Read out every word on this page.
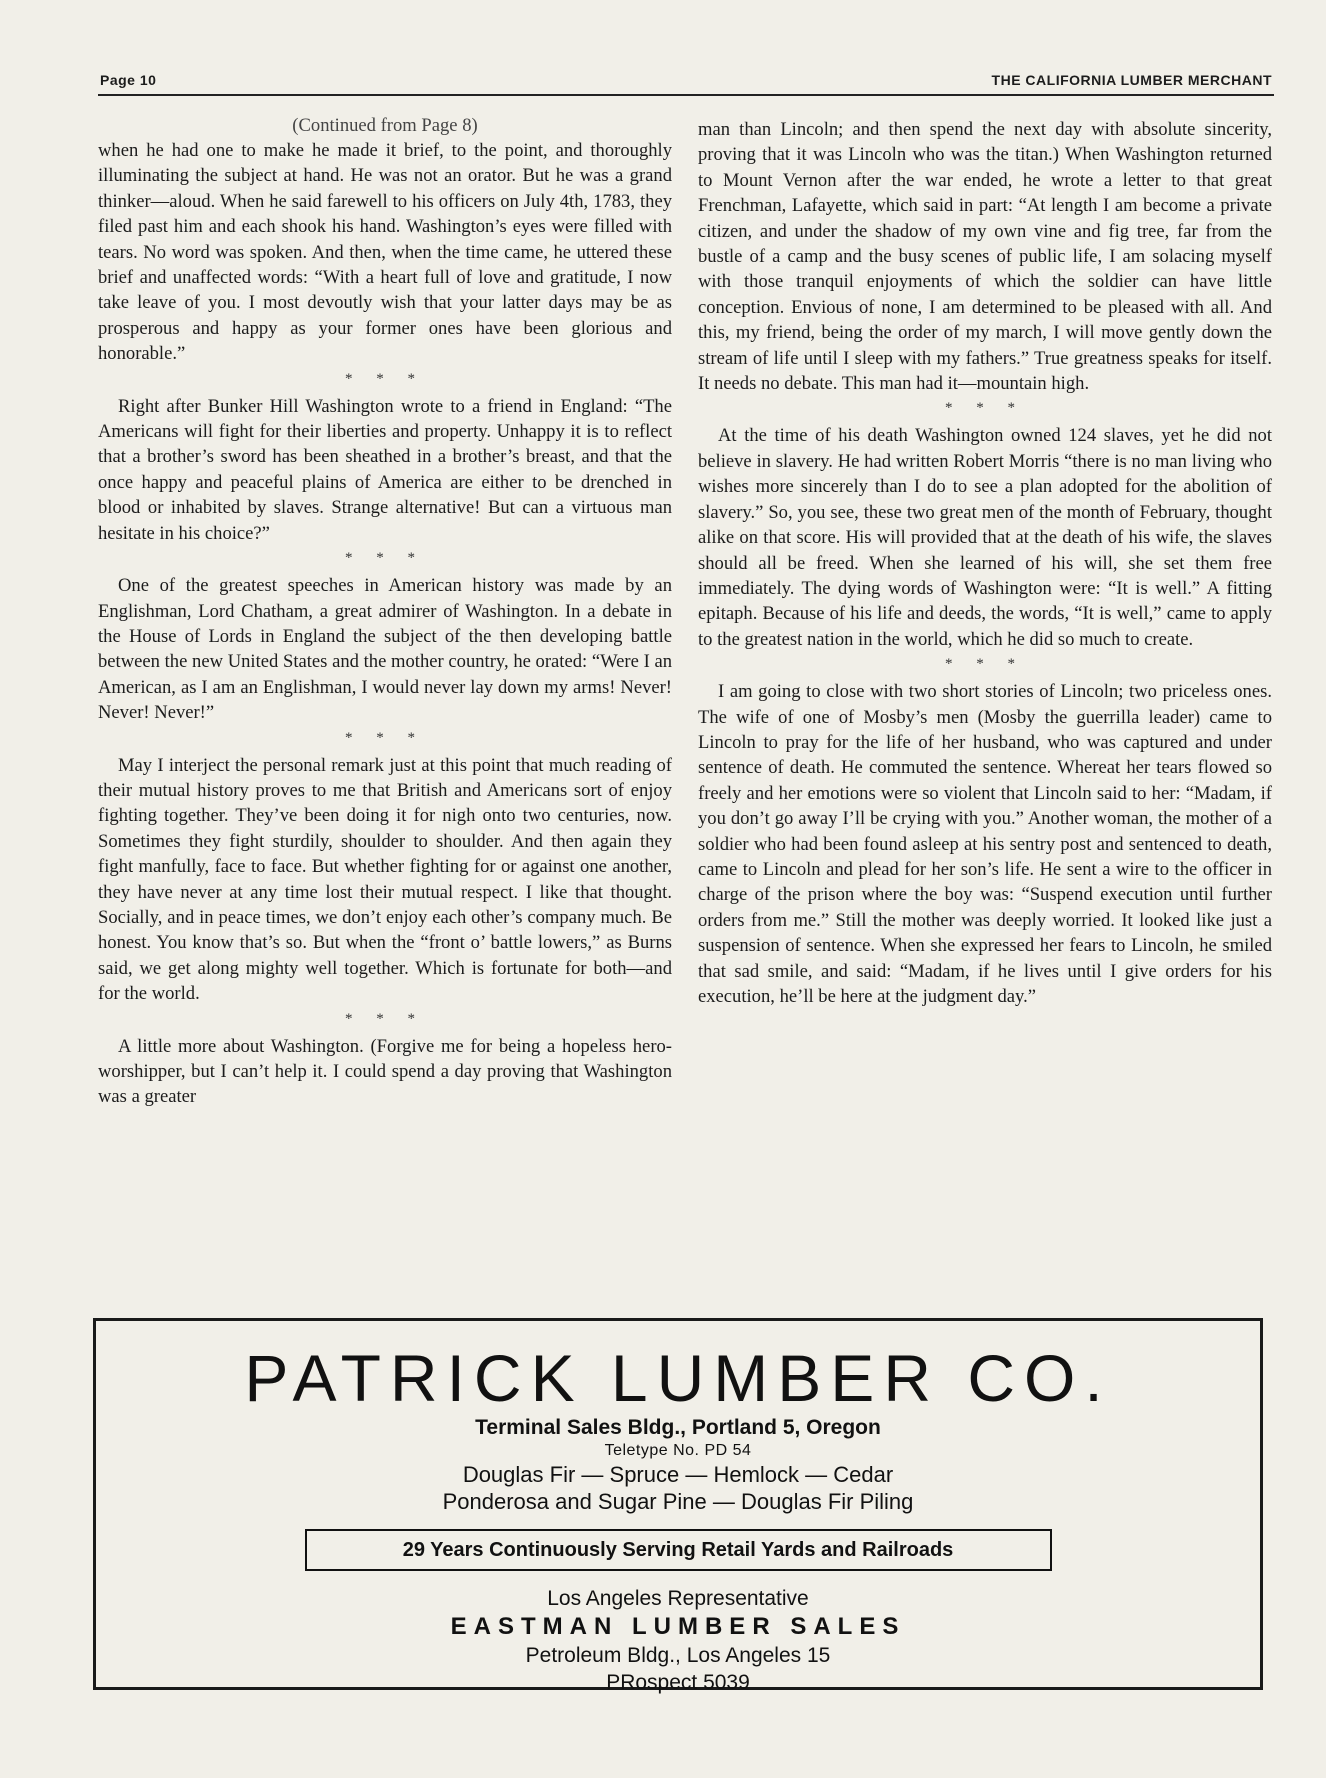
Page 10	THE CALIFORNIA LUMBER MERCHANT
(Continued from Page 8)

when he had one to make he made it brief, to the point, and thoroughly illuminating the subject at hand. He was not an orator. But he was a grand thinker—aloud. When he said farewell to his officers on July 4th, 1783, they filed past him and each shook his hand. Washington’s eyes were filled with tears. No word was spoken. And then, when the time came, he uttered these brief and unaffected words: “With a heart full of love and gratitude, I now take leave of you. I most devoutly wish that your latter days may be as prosperous and happy as your former ones have been glorious and honorable.”

* * *

Right after Bunker Hill Washington wrote to a friend in England: “The Americans will fight for their liberties and property. Unhappy it is to reflect that a brother’s sword has been sheathed in a brother’s breast, and that the once happy and peaceful plains of America are either to be drenched in blood or inhabited by slaves. Strange alternative! But can a virtuous man hesitate in his choice?”

* * *

One of the greatest speeches in American history was made by an Englishman, Lord Chatham, a great admirer of Washington. In a debate in the House of Lords in England the subject of the then developing battle between the new United States and the mother country, he orated: “Were I an American, as I am an Englishman, I would never lay down my arms! Never! Never! Never!”

* * *

May I interject the personal remark just at this point that much reading of their mutual history proves to me that British and Americans sort of enjoy fighting together. They’ve been doing it for nigh onto two centuries, now. Sometimes they fight sturdily, shoulder to shoulder. And then again they fight manfully, face to face. But whether fighting for or against one another, they have never at any time lost their mutual respect. I like that thought. Socially, and in peace times, we don’t enjoy each other’s company much. Be honest. You know that’s so. But when the “front o’ battle lowers,” as Burns said, we get along mighty well together. Which is fortunate for both—and for the world.

* * *

A little more about Washington. (Forgive me for being a hopeless hero-worshipper, but I can’t help it. I could spend a day proving that Washington was a greater

man than Lincoln; and then spend the next day with absolute sincerity, proving that it was Lincoln who was the titan.) When Washington returned to Mount Vernon after the war ended, he wrote a letter to that great Frenchman, Lafayette, which said in part: “At length I am become a private citizen, and under the shadow of my own vine and fig tree, far from the bustle of a camp and the busy scenes of public life, I am solacing myself with those tranquil enjoyments of which the soldier can have little conception. Envious of none, I am determined to be pleased with all. And this, my friend, being the order of my march, I will move gently down the stream of life until I sleep with my fathers.” True greatness speaks for itself. It needs no debate. This man had it—mountain high.

* * *

At the time of his death Washington owned 124 slaves, yet he did not believe in slavery. He had written Robert Morris “there is no man living who wishes more sincerely than I do to see a plan adopted for the abolition of slavery.” So, you see, these two great men of the month of February, thought alike on that score. His will provided that at the death of his wife, the slaves should all be freed. When she learned of his will, she set them free immediately. The dying words of Washington were: “It is well.” A fitting epitaph. Because of his life and deeds, the words, “It is well,” came to apply to the greatest nation in the world, which he did so much to create.

* * *

I am going to close with two short stories of Lincoln; two priceless ones. The wife of one of Mosby’s men (Mosby the guerrilla leader) came to Lincoln to pray for the life of her husband, who was captured and under sentence of death. He commuted the sentence. Whereat her tears flowed so freely and her emotions were so violent that Lincoln said to her: “Madam, if you don’t go away I’ll be crying with you.” Another woman, the mother of a soldier who had been found asleep at his sentry post and sentenced to death, came to Lincoln and plead for her son’s life. He sent a wire to the officer in charge of the prison where the boy was: “Suspend execution until further orders from me.” Still the mother was deeply worried. It looked like just a suspension of sentence. When she expressed her fears to Lincoln, he smiled that sad smile, and said: “Madam, if he lives until I give orders for his execution, he’ll be here at the judgment day.”

PATRICK LUMBER CO.
Terminal Sales Bldg., Portland 5, Oregon
Teletype No. PD 54
Douglas Fir — Spruce — Hemlock — Cedar
Ponderosa and Sugar Pine — Douglas Fir Piling
29 Years Continuously Serving Retail Yards and Railroads
Los Angeles Representative
EASTMAN LUMBER SALES
Petroleum Bldg., Los Angeles 15
PRospect 5039
